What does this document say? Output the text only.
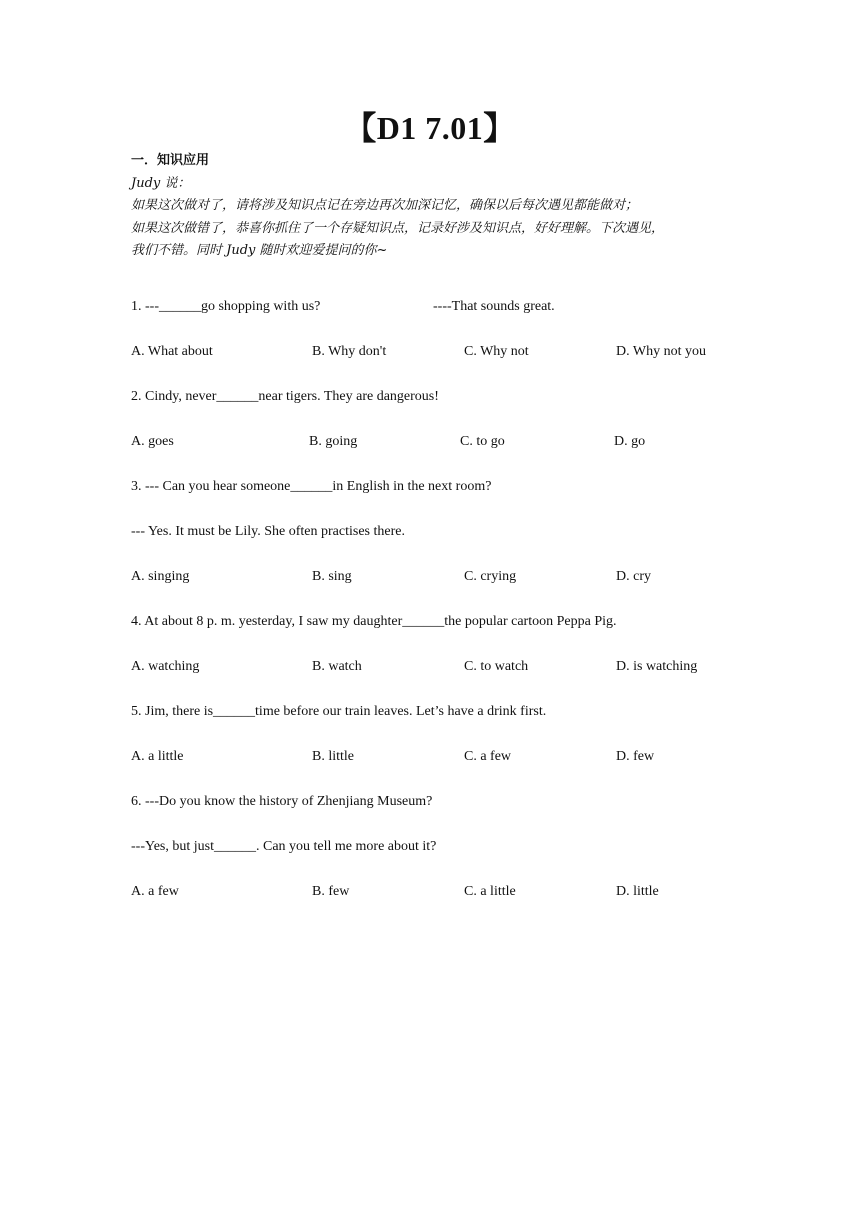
【D1 7.01】
一．知识应用
Judy 说：
如果这次做对了，请将涉及知识点记在旁边再次加深记忆，确保以后每次遇见都能做对；
如果这次做错了，恭喜你抓住了一个存疑知识点，记录好涉及知识点，好好理解。下次遇见，
我们不错。同时 Judy 随时欢迎爱提问的你~
1. ---______go shopping with us?	----That sounds great.
A. What about	B. Why don't	C. Why not	D. Why not you
2. Cindy, never______near tigers. They are dangerous!
A. goes	B. going	C. to go	D. go
3. --- Can you hear someone______in English in the next room?
--- Yes. It must be Lily. She often practises there.
A. singing	B. sing	C. crying	D. cry
4. At about 8 p. m. yesterday, I saw my daughter______the popular cartoon Peppa Pig.
A. watching	B. watch	C. to watch	D. is watching
5. Jim, there is______time before our train leaves. Let’s have a drink first.
A. a little	B. little	C. a few	D. few
6. ---Do you know the history of Zhenjiang Museum?
---Yes, but just______. Can you tell me more about it?
A. a few	B. few	C. a little	D. little
